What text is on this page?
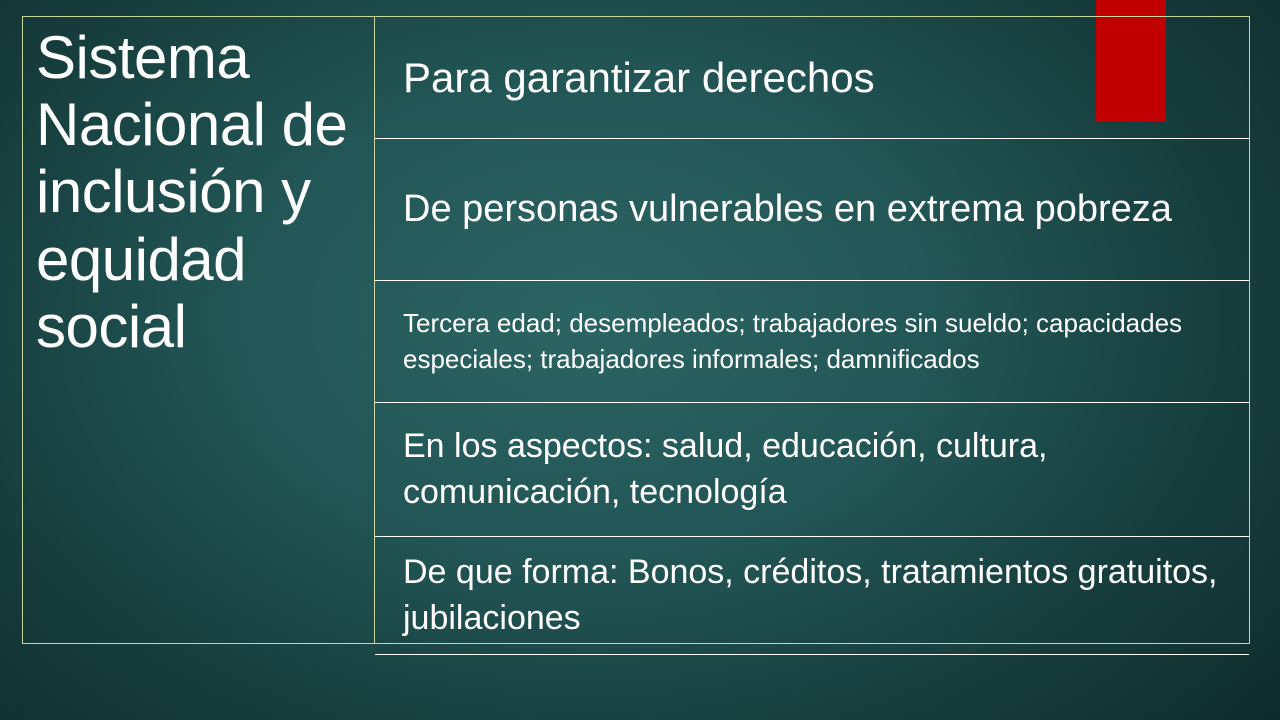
Sistema Nacional de inclusión y equidad social
Para garantizar derechos
De personas vulnerables en extrema pobreza
Tercera edad; desempleados; trabajadores sin sueldo; capacidades especiales; trabajadores informales; damnificados
En los aspectos: salud, educación, cultura, comunicación, tecnología
De que forma: Bonos, créditos, tratamientos gratuitos, jubilaciones
